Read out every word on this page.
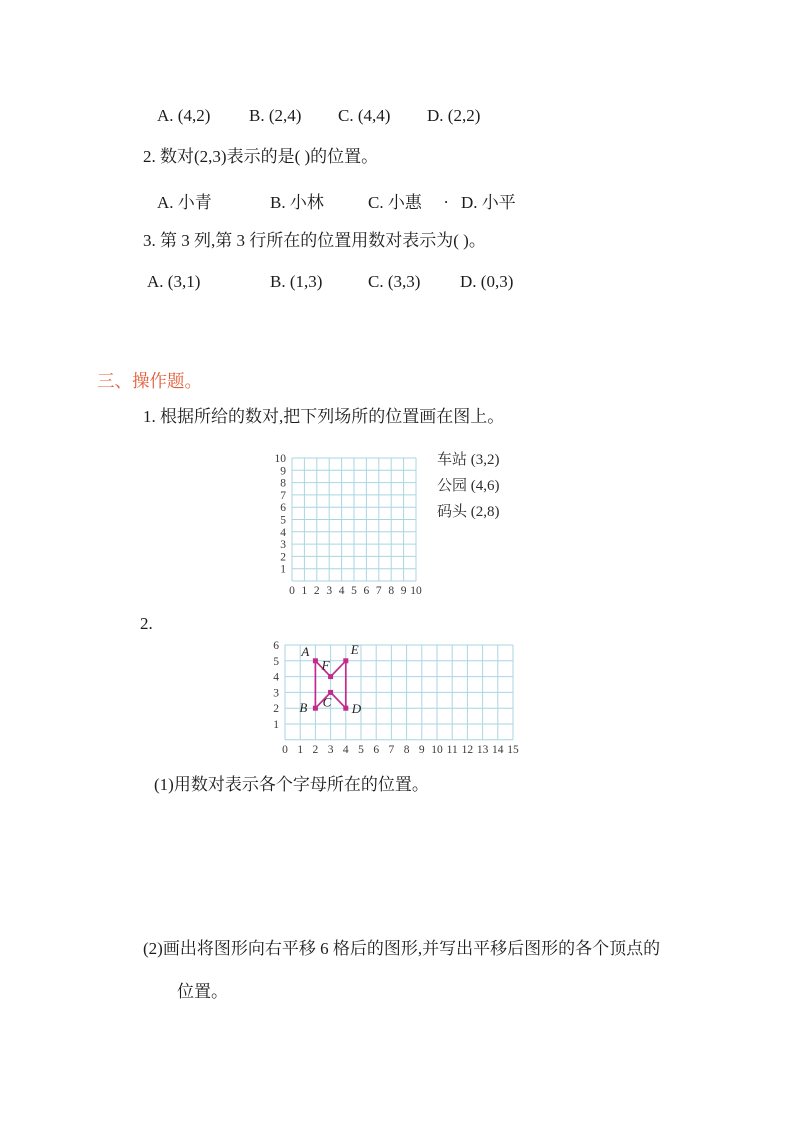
A. (4,2) B. (2,4) C. (4,4) D. (2,2)
2. 数对(2,3)表示的是( )的位置。
A. 小青	B. 小林	C. 小惠 . D. 小平
3. 第 3 列,第 3 行所在的位置用数对表示为( )。
A. (3,1)	B. (1,3)	C. (3,3) D. (0,3)
三、操作题。
1. 根据所给的数对,把下列场所的位置画在图上。
0 1 2 3 4 5 6 7 8 9 10
1
2
3
4
5
6
7
8
9
10	车站 (3,2)
公园 (4,6)
码头 (2,8)
2.
0 1 2 3 4 5 6 7 8 9 10 11 12 13 14 15
1
2
3
4
5
6 A
B C D
E
F
(1)用数对表示各个字母所在的位置。
(2)画出将图形向右平移 6 格后的图形,并写出平移后图形的各个顶点的
位置。
